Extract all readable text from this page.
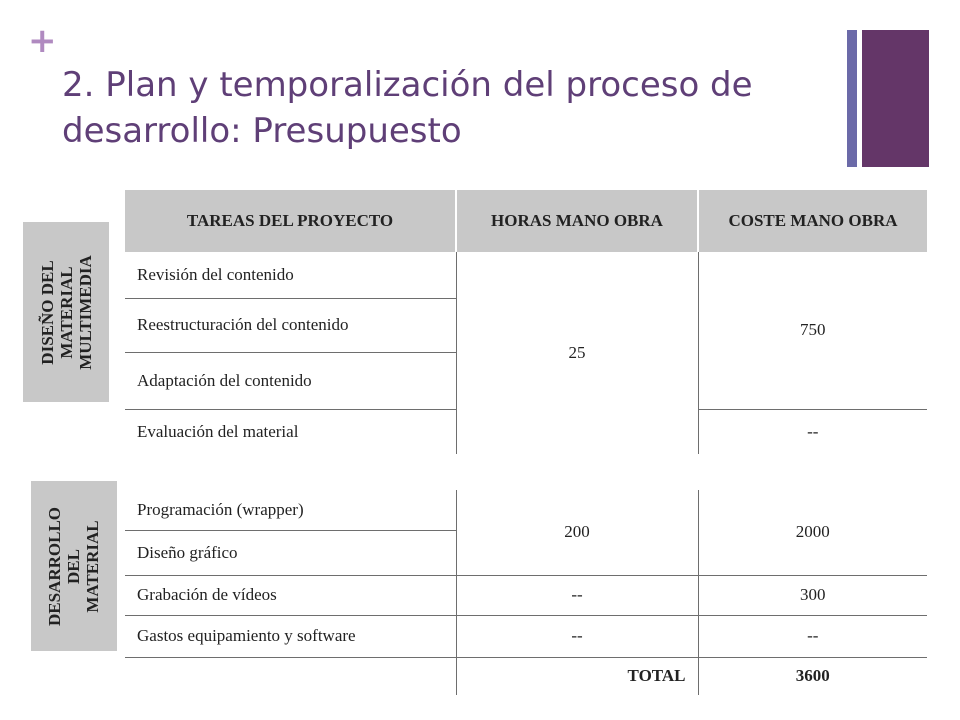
+
2. Plan y temporalización del proceso de desarrollo: Presupuesto
DISEÑO DEL MATERIAL MULTIMEDIA
DESARROLLO DEL MATERIAL
TAREAS DEL PROYECTO	HORAS MANO OBRA	COSTE MANO OBRA
Revisión del contenido	25	750
Reestructuración del contenido		
Adaptación del contenido		
Evaluación del material		--
Programación (wrapper)	200	2000
Diseño gráfico		
Grabación de vídeos	--	300
Gastos equipamiento y software	--	--
	TOTAL	3600
